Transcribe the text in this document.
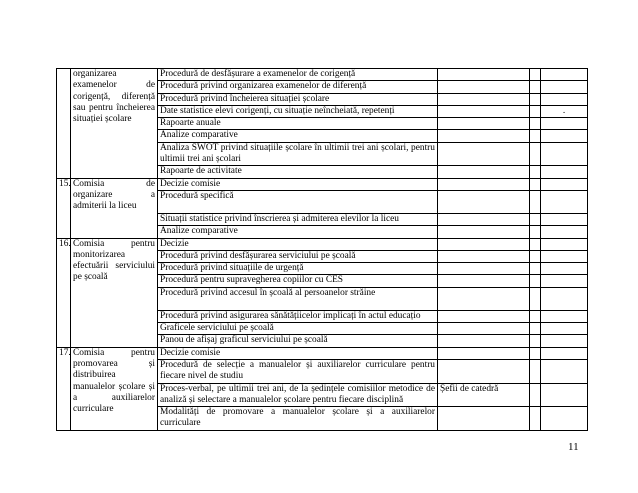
	organizarea examenelor de corigență, diferență sau pentru încheierea situației școlare	Procedură de desfășurare a examenelor de corigență			
		Procedură privind organizarea examenelor de diferență			
		Procedură privind încheierea situației școlare			
		Date statistice elevi corigenți, cu situație neîncheiată, repetenți			.
		Rapoarte anuale			
		Analize comparative			
		Analiza SWOT privind situațiile școlare în ultimii trei ani școlari, pentru ultimii trei ani școlari			
		Rapoarte de activitate			
15.	Comisia de organizare a admiterii la liceu	Decizie comisie			
		Procedură specifică			
		Situații statistice privind înscrierea și admiterea elevilor la liceu			
		Analize comparative			
16.	Comisia pentru monitorizarea efectuării serviciului pe școală	Decizie			
		Procedură privind desfășurarea serviciului pe școală			
		Procedură privind situațiile de urgență			
		Procedură pentru supravegherea copiilor cu CES			
		Procedură privind accesul în școală al persoanelor străine			
		Procedură privind asigurarea sănătățiicelor implicați în actul educațio			
		Graficele serviciului pe școală			
		Panou de afișaj graficul serviciului pe școală			
17.	Comisia pentru promovarea și distribuirea manualelor școlare și a auxiliarelor curriculare	Decizie comisie			
		Procedură de selecție a manualelor și auxiliarelor curriculare pentru fiecare nivel de studiu			
		Proces-verbal, pe ultimii trei ani, de la ședințele comisiilor metodice de analiză și selectare a manualelor școlare pentru fiecare disciplină	Șefii de catedră		
		Modalități de promovare a manualelor școlare și a auxiliarelor curriculare			
11
